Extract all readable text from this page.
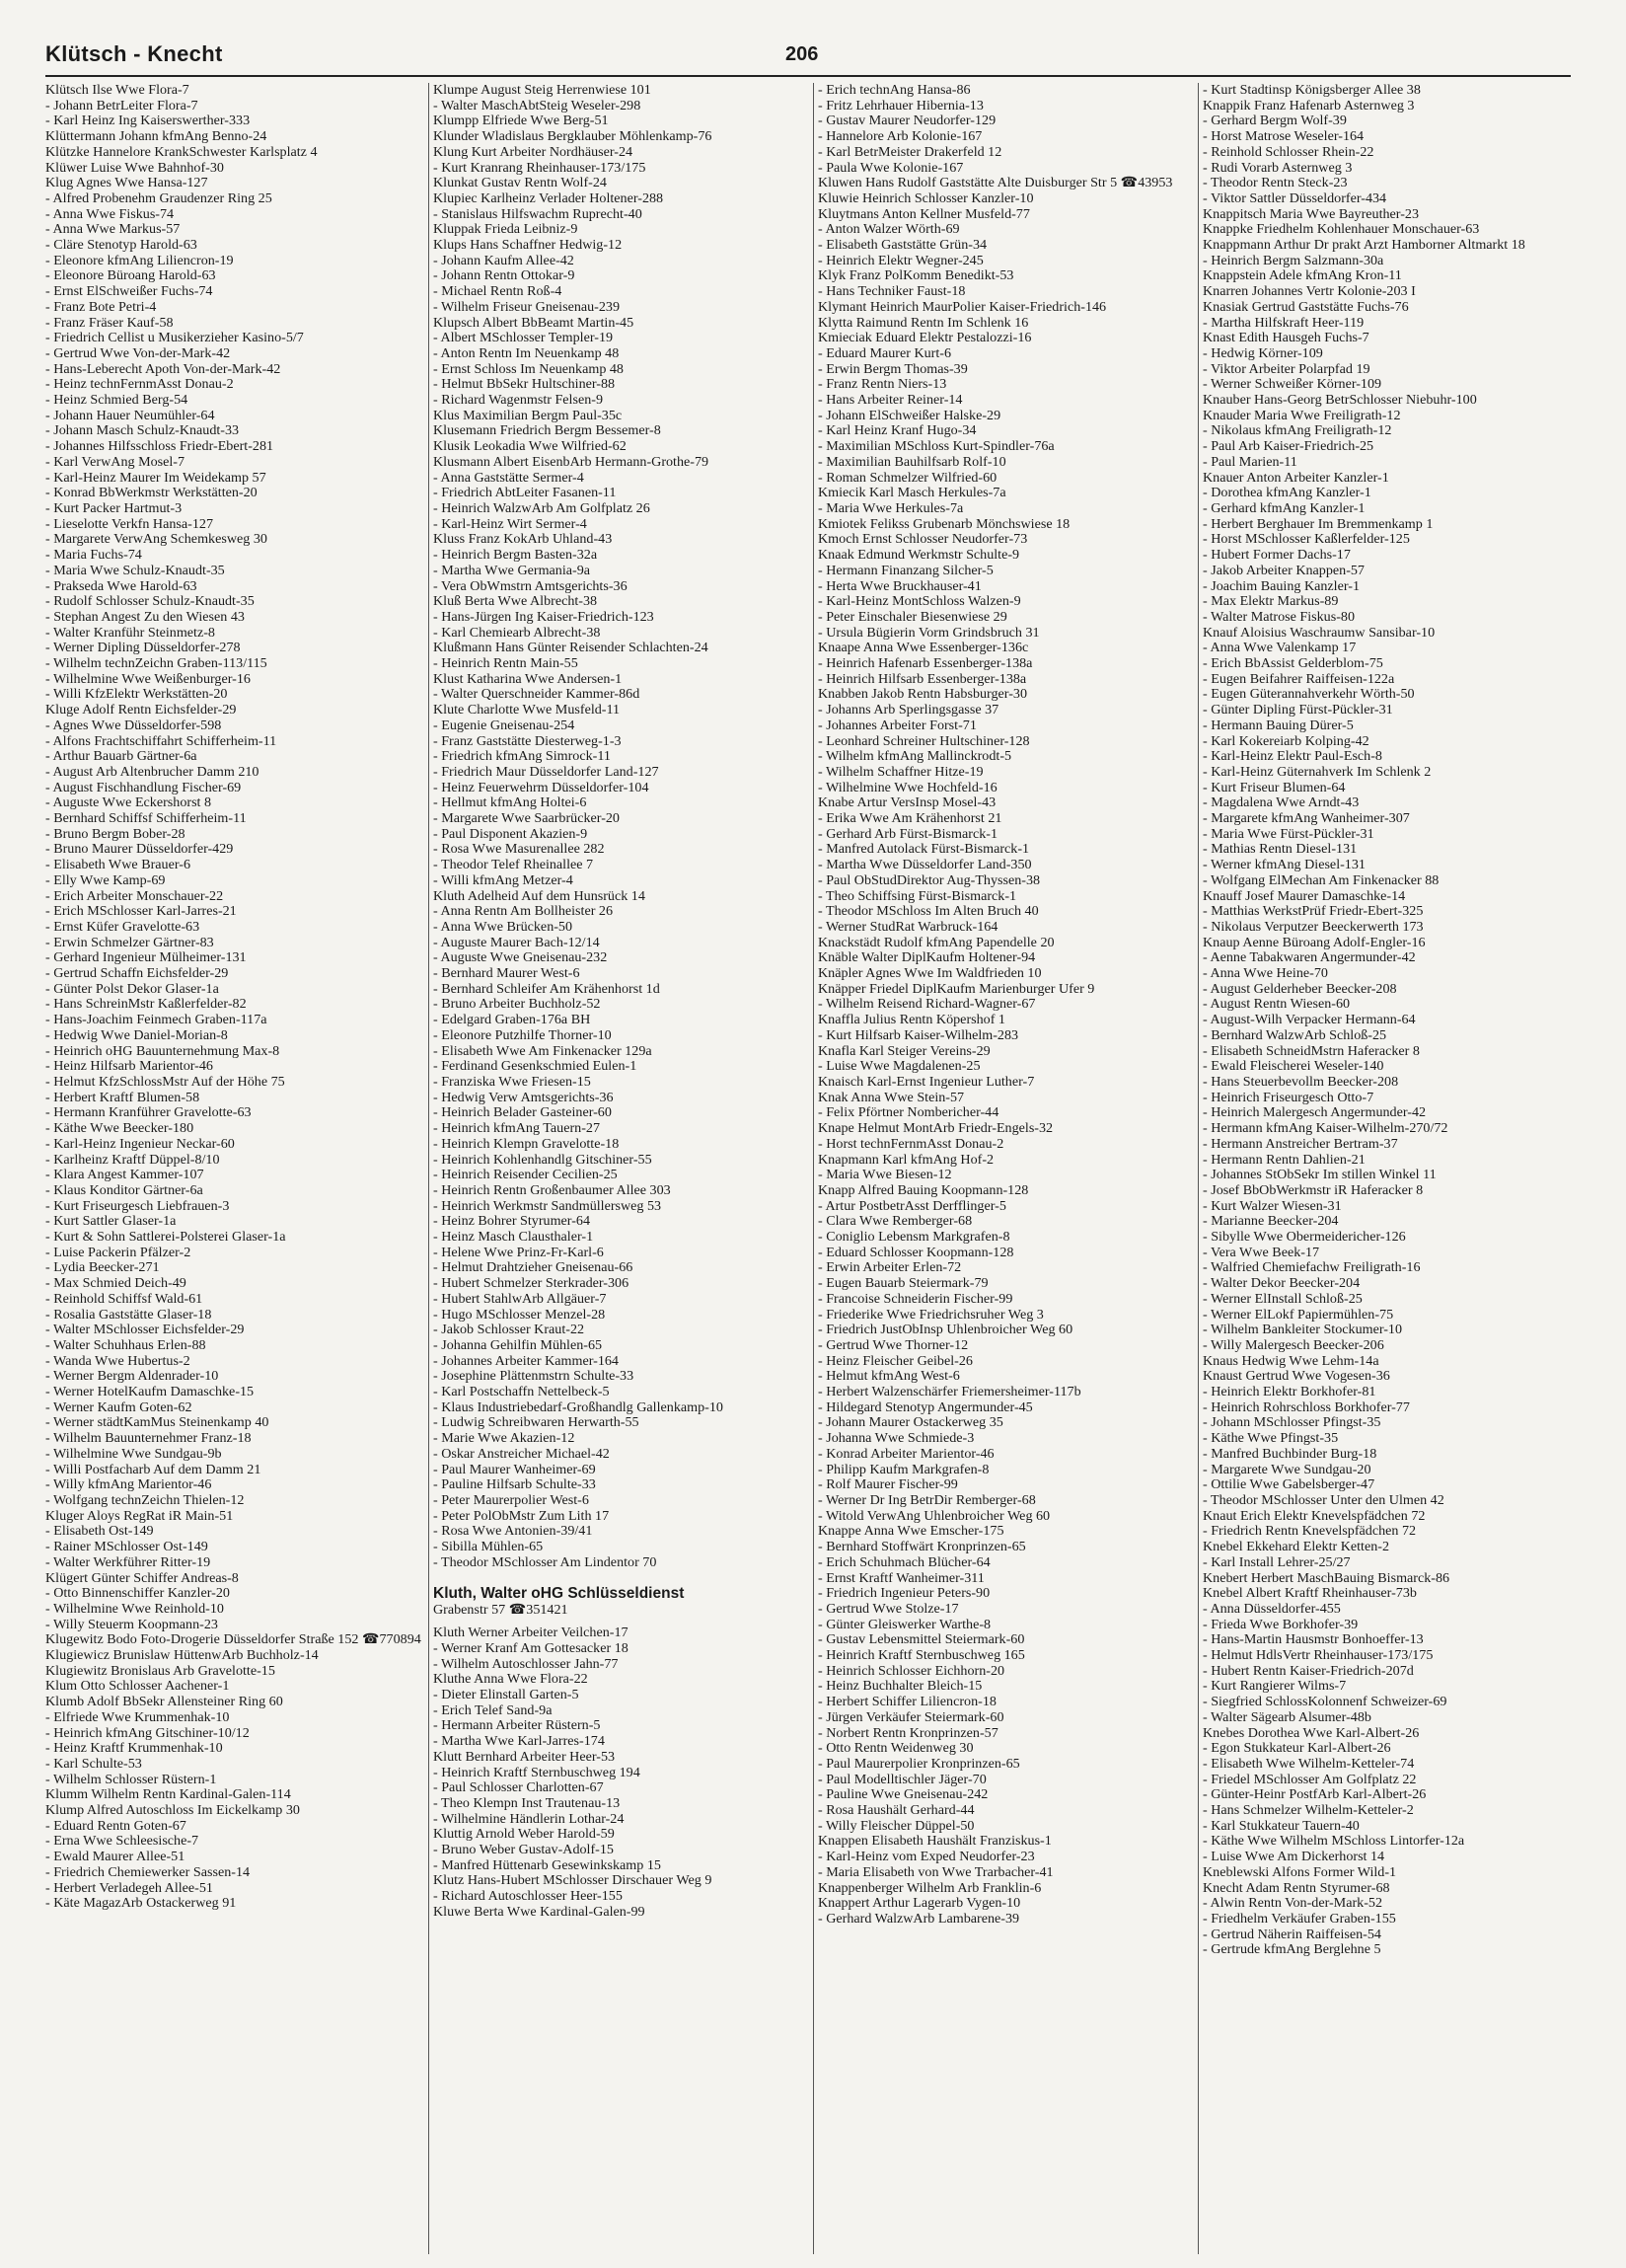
Klütsch - Knecht	206

Klütsch Ilse Wwe Flora-7

- Johann BetrLeiter Flora-7

- Karl Heinz Ing Kaiserswerther-333

Klüttermann Johann kfmAng Benno-24

Klützke Hannelore KrankSchwester Karlsplatz 4

Klüwer Luise Wwe Bahnhof-30

Klug Agnes Wwe Hansa-127

- Alfred Probenehm Graudenzer Ring 25

- Anna Wwe Fiskus-74

- Anna Wwe Markus-57

- Cläre Stenotyp Harold-63

- Eleonore kfmAng Liliencron-19

- Eleonore Büroang Harold-63

- Ernst ElSchweißer Fuchs-74

- Franz Bote Petri-4

- Franz Fräser Kauf-58

- Friedrich Cellist u Musikerzieher Kasino-5/7

- Gertrud Wwe Von-der-Mark-42

- Hans-Leberecht Apoth Von-der-Mark-42

- Heinz technFernmAsst Donau-2

- Heinz Schmied Berg-54

- Johann Hauer Neumühler-64

- Johann Masch Schulz-Knaudt-33

- Johannes Hilfsschloss Friedr-Ebert-281

- Karl VerwAng Mosel-7

- Karl-Heinz Maurer Im Weidekamp 57

- Konrad BbWerkmstr Werkstätten-20

- Kurt Packer Hartmut-3

- Lieselotte Verkfn Hansa-127

- Margarete VerwAng Schemkesweg 30

- Maria Fuchs-74

- Maria Wwe Schulz-Knaudt-35

- Prakseda Wwe Harold-63

- Rudolf Schlosser Schulz-Knaudt-35

- Stephan Angest Zu den Wiesen 43

- Walter Kranführ Steinmetz-8

- Werner Dipling Düsseldorfer-278

- Wilhelm technZeichn Graben-113/115

- Wilhelmine Wwe Weißenburger-16

- Willi KfzElektr Werkstätten-20

Kluge Adolf Rentn Eichsfelder-29

- Agnes Wwe Düsseldorfer-598

- Alfons Frachtschiffahrt Schifferheim-11

- Arthur Bauarb Gärtner-6a

- August Arb Altenbrucher Damm 210

- August Fischhandlung Fischer-69

- Auguste Wwe Eckershorst 8

- Bernhard Schiffsf Schifferheim-11

- Bruno Bergm Bober-28

- Bruno Maurer Düsseldorfer-429

- Elisabeth Wwe Brauer-6

- Elly Wwe Kamp-69

- Erich Arbeiter Monschauer-22

- Erich MSchlosser Karl-Jarres-21

- Ernst Küfer Gravelotte-63

- Erwin Schmelzer Gärtner-83

- Gerhard Ingenieur Mülheimer-131

- Gertrud Schaffn Eichsfelder-29

- Günter Polst Dekor Glaser-1a

- Hans SchreinMstr Kaßlerfelder-82

- Hans-Joachim Feinmech Graben-117a

- Hedwig Wwe Daniel-Morian-8

- Heinrich oHG Bauunternehmung Max-8

- Heinz Hilfsarb Marientor-46

- Helmut KfzSchlossMstr Auf der Höhe 75

- Herbert Kraftf Blumen-58

- Hermann Kranführer Gravelotte-63

- Käthe Wwe Beecker-180

- Karl-Heinz Ingenieur Neckar-60

- Karlheinz Kraftf Düppel-8/10

- Klara Angest Kammer-107

- Klaus Konditor Gärtner-6a

- Kurt Friseurgesch Liebfrauen-3

- Kurt Sattler Glaser-1a

- Kurt & Sohn Sattlerei-Polsterei Glaser-1a

- Luise Packerin Pfälzer-2

- Lydia Beecker-271

- Max Schmied Deich-49

- Reinhold Schiffsf Wald-61

- Rosalia Gaststätte Glaser-18

- Walter MSchlosser Eichsfelder-29

- Walter Schuhhaus Erlen-88

- Wanda Wwe Hubertus-2

- Werner Bergm Aldenrader-10

- Werner HotelKaufm Damaschke-15

- Werner Kaufm Goten-62

- Werner städtKamMus Steinenkamp 40

- Wilhelm Bauunternehmer Franz-18

- Wilhelmine Wwe Sundgau-9b

- Willi Postfacharb Auf dem Damm 21

- Willy kfmAng Marientor-46

- Wolfgang technZeichn Thielen-12

Kluger Aloys RegRat iR Main-51

- Elisabeth Ost-149

- Rainer MSchlosser Ost-149

- Walter Werkführer Ritter-19

Klügert Günter Schiffer Andreas-8

- Otto Binnenschiffer Kanzler-20

- Wilhelmine Wwe Reinhold-10

- Willy Steuerm Koopmann-23

Klugewitz Bodo Foto-Drogerie Düsseldorfer Straße 152 ☎770894

Klugiewicz Brunislaw HüttenwArb Buchholz-14

Klugiewitz Bronislaus Arb Gravelotte-15

Klum Otto Schlosser Aachener-1

Klumb Adolf BbSekr Allensteiner Ring 60

- Elfriede Wwe Krummenhak-10

- Heinrich kfmAng Gitschiner-10/12

- Heinz Kraftf Krummenhak-10

- Karl Schulte-53

- Wilhelm Schlosser Rüstern-1

Klumm Wilhelm Rentn Kardinal-Galen-114

Klump Alfred Autoschloss Im Eickelkamp 30

- Eduard Rentn Goten-67

- Erna Wwe Schleesische-7

- Ewald Maurer Allee-51

- Friedrich Chemiewerker Sassen-14

- Herbert Verladegeh Allee-51

- Käte MagazArb Ostackerweg 91

Klumpe August Steig Herrenwiese 101

- Walter MaschAbtSteig Weseler-298

Klumpp Elfriede Wwe Berg-51

Klunder Wladislaus Bergklauber Möhlenkamp-76

Klung Kurt Arbeiter Nordhäuser-24

- Kurt Kranrang Rheinhauser-173/175

Klunkat Gustav Rentn Wolf-24

Klupiec Karlheinz Verlader Holtener-288

- Stanislaus Hilfswachm Ruprecht-40

Kluppak Frieda Leibniz-9

Klups Hans Schaffner Hedwig-12

- Johann Kaufm Allee-42

- Johann Rentn Ottokar-9

- Michael Rentn Roß-4

- Wilhelm Friseur Gneisenau-239

Klupsch Albert BbBeamt Martin-45

- Albert MSchlosser Templer-19

- Anton Rentn Im Neuenkamp 48

- Ernst Schloss Im Neuenkamp 48

- Helmut BbSekr Hultschiner-88

- Richard Wagenmstr Felsen-9

Klus Maximilian Bergm Paul-35c

Klusemann Friedrich Bergm Bessemer-8

Klusik Leokadia Wwe Wilfried-62

Klusmann Albert EisenbArb Hermann-Grothe-79

- Anna Gaststätte Sermer-4

- Friedrich AbtLeiter Fasanen-11

- Heinrich WalzwArb Am Golfplatz 26

- Karl-Heinz Wirt Sermer-4

Kluss Franz KokArb Uhland-43

- Heinrich Bergm Basten-32a

- Martha Wwe Germania-9a

- Vera ObWmstrn Amtsgerichts-36

Kluß Berta Wwe Albrecht-38

- Hans-Jürgen Ing Kaiser-Friedrich-123

- Karl Chemiearb Albrecht-38

Klußmann Hans Günter Reisender Schlachten-24

- Heinrich Rentn Main-55

Klust Katharina Wwe Andersen-1

- Walter Querschneider Kammer-86d

Klute Charlotte Wwe Musfeld-11

- Eugenie Gneisenau-254

- Franz Gaststätte Diesterweg-1-3

- Friedrich kfmAng Simrock-11

- Friedrich Maur Düsseldorfer Land-127

- Heinz Feuerwehrm Düsseldorfer-104

- Hellmut kfmAng Holtei-6

- Margarete Wwe Saarbrücker-20

- Paul Disponent Akazien-9

- Rosa Wwe Masurenallee 282

- Theodor Telef Rheinallee 7

- Willi kfmAng Metzer-4

Kluth Adelheid Auf dem Hunsrück 14

- Anna Rentn Am Bollheister 26

- Anna Wwe Brücken-50

- Auguste Maurer Bach-12/14

- Auguste Wwe Gneisenau-232

- Bernhard Maurer West-6

- Bernhard Schleifer Am Krähenhorst 1d

- Bruno Arbeiter Buchholz-52

- Edelgard Graben-176a BH

- Eleonore Putzhilfe Thorner-10

- Elisabeth Wwe Am Finkenacker 129a

- Ferdinand Gesenkschmied Eulen-1

- Franziska Wwe Friesen-15

- Hedwig Verw Amtsgerichts-36

- Heinrich Belader Gasteiner-60

- Heinrich kfmAng Tauern-27

- Heinrich Klempn Gravelotte-18

- Heinrich Kohlenhandlg Gitschiner-55

- Heinrich Reisender Cecilien-25

- Heinrich Rentn Großenbaumer Allee 303

- Heinrich Werkmstr Sandmüllersweg 53

- Heinz Bohrer Styrumer-64

- Heinz Masch Clausthaler-1

- Helene Wwe Prinz-Fr-Karl-6

- Helmut Drahtzieher Gneisenau-66

- Hubert Schmelzer Sterkrader-306

- Hubert StahlwArb Allgäuer-7

- Hugo MSchlosser Menzel-28

- Jakob Schlosser Kraut-22

- Johanna Gehilfin Mühlen-65

- Johannes Arbeiter Kammer-164

- Josephine Plättenmstrn Schulte-33

- Karl Postschaffn Nettelbeck-5

- Klaus Industriebedarf-Großhandlg Gallenkamp-10

- Ludwig Schreibwaren Herwarth-55

- Marie Wwe Akazien-12

- Oskar Anstreicher Michael-42

- Paul Maurer Wanheimer-69

- Pauline Hilfsarb Schulte-33

- Peter Maurerpolier West-6

- Peter PolObMstr Zum Lith 17

- Rosa Wwe Antonien-39/41

- Sibilla Mühlen-65

- Theodor MSchlosser Am Lindentor 70

Kluth, Walter oHG Schlüsseldienst

Grabenstr 57 ☎351421

Kluth Werner Arbeiter Veilchen-17

- Werner Kranf Am Gottesacker 18

- Wilhelm Autoschlosser Jahn-77

Kluthe Anna Wwe Flora-22

- Dieter Elinstall Garten-5

- Erich Telef Sand-9a

- Hermann Arbeiter Rüstern-5

- Martha Wwe Karl-Jarres-174

Klutt Bernhard Arbeiter Heer-53

- Heinrich Kraftf Sternbuschweg 194

- Paul Schlosser Charlotten-67

- Theo Klempn Inst Trautenau-13

- Wilhelmine Händlerin Lothar-24

Kluttig Arnold Weber Harold-59

- Bruno Weber Gustav-Adolf-15

- Manfred Hüttenarb Gesewinkskamp 15

Klutz Hans-Hubert MSchlosser Dirschauer Weg 9

- Richard Autoschlosser Heer-155

Kluwe Berta Wwe Kardinal-Galen-99

- Erich technAng Hansa-86

- Fritz Lehrhauer Hibernia-13

- Gustav Maurer Neudorfer-129

- Hannelore Arb Kolonie-167

- Karl BetrMeister Drakerfeld 12

- Paula Wwe Kolonie-167

Kluwen Hans Rudolf Gaststätte Alte Duisburger Str 5 ☎43953

Kluwie Heinrich Schlosser Kanzler-10

Kluytmans Anton Kellner Musfeld-77

- Anton Walzer Wörth-69

- Elisabeth Gaststätte Grün-34

- Heinrich Elektr Wegner-245

Klyk Franz PolKomm Benedikt-53

- Hans Techniker Faust-18

Klymant Heinrich MaurPolier Kaiser-Friedrich-146

Klytta Raimund Rentn Im Schlenk 16

Kmieciak Eduard Elektr Pestalozzi-16

- Eduard Maurer Kurt-6

- Erwin Bergm Thomas-39

- Franz Rentn Niers-13

- Hans Arbeiter Reiner-14

- Johann ElSchweißer Halske-29

- Karl Heinz Kranf Hugo-34

- Maximilian MSchloss Kurt-Spindler-76a

- Maximilian Bauhilfsarb Rolf-10

- Roman Schmelzer Wilfried-60

Kmiecik Karl Masch Herkules-7a

- Maria Wwe Herkules-7a

Kmiotek Felikss Grubenarb Mönchswiese 18

Kmoch Ernst Schlosser Neudorfer-73

Knaak Edmund Werkmstr Schulte-9

- Hermann Finanzang Silcher-5

- Herta Wwe Bruckhauser-41

- Karl-Heinz MontSchloss Walzen-9

- Peter Einschaler Biesenwiese 29

- Ursula Bügierin Vorm Grindsbruch 31

Knaape Anna Wwe Essenberger-136c

- Heinrich Hafenarb Essenberger-138a

- Heinrich Hilfsarb Essenberger-138a

Knabben Jakob Rentn Habsburger-30

- Johanns Arb Sperlingsgasse 37

- Johannes Arbeiter Forst-71

- Leonhard Schreiner Hultschiner-128

- Wilhelm kfmAng Mallinckrodt-5

- Wilhelm Schaffner Hitze-19

- Wilhelmine Wwe Hochfeld-16

Knabe Artur VersInsp Mosel-43

- Erika Wwe Am Krähenhorst 21

- Gerhard Arb Fürst-Bismarck-1

- Manfred Autolack Fürst-Bismarck-1

- Martha Wwe Düsseldorfer Land-350

- Paul ObStudDirektor Aug-Thyssen-38

- Theo Schiffsing Fürst-Bismarck-1

- Theodor MSchloss Im Alten Bruch 40

- Werner StudRat Warbruck-164

Knackstädt Rudolf kfmAng Papendelle 20

Knäble Walter DiplKaufm Holtener-94

Knäpler Agnes Wwe Im Waldfrieden 10

Knäpper Friedel DiplKaufm Marienburger Ufer 9

- Wilhelm Reisend Richard-Wagner-67

Knaffla Julius Rentn Köpershof 1

- Kurt Hilfsarb Kaiser-Wilhelm-283

Knafla Karl Steiger Vereins-29

- Luise Wwe Magdalenen-25

Knaisch Karl-Ernst Ingenieur Luther-7

Knak Anna Wwe Stein-57

- Felix Pförtner Nombericher-44

Knape Helmut MontArb Friedr-Engels-32

- Horst technFernmAsst Donau-2

Knapmann Karl kfmAng Hof-2

- Maria Wwe Biesen-12

Knapp Alfred Bauing Koopmann-128

- Artur PostbetrAsst Derfflinger-5

- Clara Wwe Remberger-68

- Coniglio Lebensm Markgrafen-8

- Eduard Schlosser Koopmann-128

- Erwin Arbeiter Erlen-72

- Eugen Bauarb Steiermark-79

- Francoise Schneiderin Fischer-99

- Friederike Wwe Friedrichsruher Weg 3

- Friedrich JustObInsp Uhlenbroicher Weg 60

- Gertrud Wwe Thorner-12

- Heinz Fleischer Geibel-26

- Helmut kfmAng West-6

- Herbert Walzenschärfer Friemersheimer-117b

- Hildegard Stenotyp Angermunder-45

- Johann Maurer Ostackerweg 35

- Johanna Wwe Schmiede-3

- Konrad Arbeiter Marientor-46

- Philipp Kaufm Markgrafen-8

- Rolf Maurer Fischer-99

- Werner Dr Ing BetrDir Remberger-68

- Witold VerwAng Uhlenbroicher Weg 60

Knappe Anna Wwe Emscher-175

- Bernhard Stoffwärt Kronprinzen-65

- Erich Schuhmach Blücher-64

- Ernst Kraftf Wanheimer-311

- Friedrich Ingenieur Peters-90

- Gertrud Wwe Stolze-17

- Günter Gleiswerker Warthe-8

- Gustav Lebensmittel Steiermark-60

- Heinrich Kraftf Sternbuschweg 165

- Heinrich Schlosser Eichhorn-20

- Heinz Buchhalter Bleich-15

- Herbert Schiffer Liliencron-18

- Jürgen Verkäufer Steiermark-60

- Norbert Rentn Kronprinzen-57

- Otto Rentn Weidenweg 30

- Paul Maurerpolier Kronprinzen-65

- Paul Modelltischler Jäger-70

- Pauline Wwe Gneisenau-242

- Rosa Haushält Gerhard-44

- Willy Fleischer Düppel-50

Knappen Elisabeth Haushält Franziskus-1

- Karl-Heinz vom Exped Neudorfer-23

- Maria Elisabeth von Wwe Trarbacher-41

Knappenberger Wilhelm Arb Franklin-6

Knappert Arthur Lagerarb Vygen-10

- Gerhard WalzwArb Lambarene-39

- Kurt Stadtinsp Königsberger Allee 38

Knappik Franz Hafenarb Asternweg 3

- Gerhard Bergm Wolf-39

- Horst Matrose Weseler-164

- Reinhold Schlosser Rhein-22

- Rudi Vorarb Asternweg 3

- Theodor Rentn Steck-23

- Viktor Sattler Düsseldorfer-434

Knappitsch Maria Wwe Bayreuther-23

Knappke Friedhelm Kohlenhauer Monschauer-63

Knappmann Arthur Dr prakt Arzt Hamborner Altmarkt 18

- Heinrich Bergm Salzmann-30a

Knappstein Adele kfmAng Kron-11

Knarren Johannes Vertr Kolonie-203 I

Knasiak Gertrud Gaststätte Fuchs-76

- Martha Hilfskraft Heer-119

Knast Edith Hausgeh Fuchs-7

- Hedwig Körner-109

- Viktor Arbeiter Polarpfad 19

- Werner Schweißer Körner-109

Knauber Hans-Georg BetrSchlosser Niebuhr-100

Knauder Maria Wwe Freiligrath-12

- Nikolaus kfmAng Freiligrath-12

- Paul Arb Kaiser-Friedrich-25

- Paul Marien-11

Knauer Anton Arbeiter Kanzler-1

- Dorothea kfmAng Kanzler-1

- Gerhard kfmAng Kanzler-1

- Herbert Berghauer Im Bremmenkamp 1

- Horst MSchlosser Kaßlerfelder-125

- Hubert Former Dachs-17

- Jakob Arbeiter Knappen-57

- Joachim Bauing Kanzler-1

- Max Elektr Markus-89

- Walter Matrose Fiskus-80

Knauf Aloisius Waschraumw Sansibar-10

- Anna Wwe Valenkamp 17

- Erich BbAssist Gelderblom-75

- Eugen Beifahrer Raiffeisen-122a

- Eugen Güterannahverkehr Wörth-50

- Günter Dipling Fürst-Pückler-31

- Hermann Bauing Dürer-5

- Karl Kokereiarb Kolping-42

- Karl-Heinz Elektr Paul-Esch-8

- Karl-Heinz Güternahverk Im Schlenk 2

- Kurt Friseur Blumen-64

- Magdalena Wwe Arndt-43

- Margarete kfmAng Wanheimer-307

- Maria Wwe Fürst-Pückler-31

- Mathias Rentn Diesel-131

- Werner kfmAng Diesel-131

- Wolfgang ElMechan Am Finkenacker 88

Knauff Josef Maurer Damaschke-14

- Matthias WerkstPrüf Friedr-Ebert-325

- Nikolaus Verputzer Beeckerwerth 173

Knaup Aenne Büroang Adolf-Engler-16

- Aenne Tabakwaren Angermunder-42

- Anna Wwe Heine-70

- August Gelderheber Beecker-208

- August Rentn Wiesen-60

- August-Wilh Verpacker Hermann-64

- Bernhard WalzwArb Schloß-25

- Elisabeth SchneidMstrn Haferacker 8

- Ewald Fleischerei Weseler-140

- Hans Steuerbevollm Beecker-208

- Heinrich Friseurgesch Otto-7

- Heinrich Malergesch Angermunder-42

- Hermann kfmAng Kaiser-Wilhelm-270/72

- Hermann Anstreicher Bertram-37

- Hermann Rentn Dahlien-21

- Johannes StObSekr Im stillen Winkel 11

- Josef BbObWerkmstr iR Haferacker 8

- Kurt Walzer Wiesen-31

- Marianne Beecker-204

- Sibylle Wwe Obermeidericher-126

- Vera Wwe Beek-17

- Walfried Chemiefachw Freiligrath-16

- Walter Dekor Beecker-204

- Werner ElInstall Schloß-25

- Werner ElLokf Papiermühlen-75

- Wilhelm Bankleiter Stockumer-10

- Willy Malergesch Beecker-206

Knaus Hedwig Wwe Lehm-14a

Knaust Gertrud Wwe Vogesen-36

- Heinrich Elektr Borkhofer-81

- Heinrich Rohrschloss Borkhofer-77

- Johann MSchlosser Pfingst-35

- Käthe Wwe Pfingst-35

- Manfred Buchbinder Burg-18

- Margarete Wwe Sundgau-20

- Ottilie Wwe Gabelsberger-47

- Theodor MSchlosser Unter den Ulmen 42

Knaut Erich Elektr Knevelspfädchen 72

- Friedrich Rentn Knevelspfädchen 72

Knebel Ekkehard Elektr Ketten-2

- Karl Install Lehrer-25/27

Knebert Herbert MaschBauing Bismarck-86

Knebel Albert Kraftf Rheinhauser-73b

- Anna Düsseldorfer-455

- Frieda Wwe Borkhofer-39

- Hans-Martin Hausmstr Bonhoeffer-13

- Helmut HdlsVertr Rheinhauser-173/175

- Hubert Rentn Kaiser-Friedrich-207d

- Kurt Rangierer Wilms-7

- Siegfried SchlossKolonnenf Schweizer-69

- Walter Sägearb Alsumer-48b

Knebes Dorothea Wwe Karl-Albert-26

- Egon Stukkateur Karl-Albert-26

- Elisabeth Wwe Wilhelm-Ketteler-74

- Friedel MSchlosser Am Golfplatz 22

- Günter-Heinr PostfArb Karl-Albert-26

- Hans Schmelzer Wilhelm-Ketteler-2

- Karl Stukkateur Tauern-40

- Käthe Wwe Wilhelm MSchloss Lintorfer-12a

- Luise Wwe Am Dickerhorst 14

Kneblewski Alfons Former Wild-1

Knecht Adam Rentn Styrumer-68

- Alwin Rentn Von-der-Mark-52

- Friedhelm Verkäufer Graben-155

- Gertrud Näherin Raiffeisen-54

- Gertrude kfmAng Berglehne 5
